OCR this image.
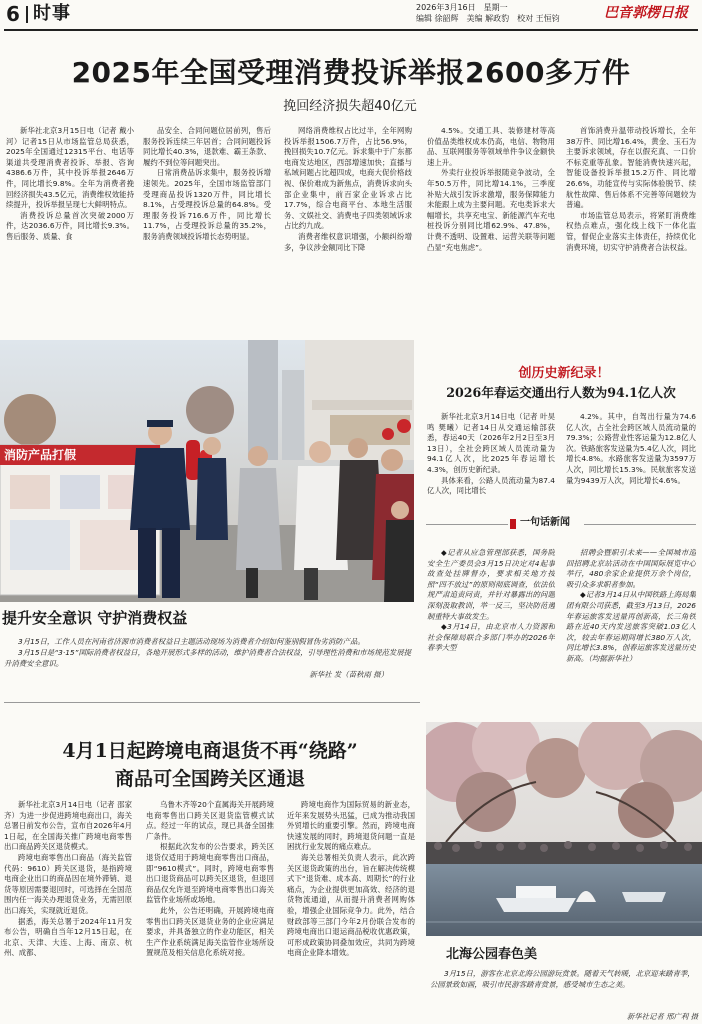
6 时事	2026年3月16日　星期一
编辑 徐韶辉　美编 解政豹　校对 王恒钧	巴音郭楞日报
2025年全国受理消费投诉举报2600多万件
挽回经济损失超40亿元

新华社北京3月15日电（记者 戴小河）记者15日从市场监管总局获悉，2025年全国通过12315平台、电话等渠道共受理消费者投诉、举报、咨询4386.6万件，其中投诉举报2646万件，同比增长9.8%。全年为消费者挽回经济损失43.5亿元，消费维权效能持续提升，投诉举报呈现七大鲜明特点。

消费投诉总量首次突破2000万件，达2036.6万件，同比增长9.3%。售后服务、质量、食

品安全、合同问题位居前列，售后服务投诉连续三年居首；合同问题投诉同比增长40.3%，退款难、霸王条款、履约不到位等问题突出。

日常消费品诉求集中，服务投诉增速领先。2025年，全国市场监管部门受理商品投诉1320万件，同比增长8.1%，占受理投诉总量的64.8%。受理服务投诉716.6万件，同比增长11.7%，占受理投诉总量的35.2%，服务消费领域投诉增长态势明显。

网络消费维权占比过半，全年网购投诉举报1506.7万件，占比56.9%，挽回损失10.7亿元。诉求集中于广东都电商发达地区，西部增速加快；直播与私域问题占比超四成，电商大促价格歧视、保价难成为新焦点，消费诉求向头部企业集中，前百家企业诉求占比17.7%，综合电商平台、本地生活服务、文娱社交、消费电子四类领域诉求占比约九成。

消费者维权意识增强，小额纠纷增多，争议涉金额同比下降

4.5%。交通工具、装修建材等高价值品类维权成本仍高，电信、物物用品、互联网服务等领域单件争议金额快速上升。

外卖行业投诉举报随竞争波动，全年50.5万件，同比增14.1%，三季度补贴大战引发诉求激增，服务保障能力未能跟上成为主要问题。充电类诉求大幅增长，共享充电宝、新能源汽车充电桩投诉分别同比增62.9%、47.8%，计费不透明、设置难、运营关联等问题凸显“充电焦虑”。

首饰消费升温带动投诉增长，全年38万件、同比增16.4%，黄金、玉石为主要诉求领域，存在以假充真、一口价不标克重等乱象。智能消费快速兴起，智能设备投诉举报15.2万件、同比增26.6%，功能宣传与实际体验脱节、续航性故障、售后体系不完善等问题较为普遍。

市场监管总局表示，将紧盯消费维权热点难点，强化线上线下一体化监管，督促企业落实主体责任，持续优化消费环境，切实守护消费者合法权益。

消防产品打假
提升安全意识 守护消费权益

3月15日，工作人员在河南省济源市消费者权益日主题活动现场为消费者介绍如何鉴别假冒伪劣消防产品。

3月15日是“3·15”国际消费者权益日，各地开展形式多样的活动，维护消费者合法权益，引导理性消费和市场规范发展提升消费安全意识。

新华社 发（苗秋雨 摄）

创历史新纪录！
2026年春运交通出行人数为94.1亿人次

新华社北京3月14日电（记者 叶昊鸣 樊曦）记者14日从交通运输部获悉，春运40天（2026年2月2日至3月13日），全社会跨区域人员流动量为94.1亿人次，比2025年春运增长4.3%，创历史新纪录。

具体来看，公路人员流动量为87.4亿人次，同比增长

4.2%。其中，自驾出行量为74.6亿人次，占全社会跨区域人员流动量的79.3%；公路营业性客运量为12.8亿人次。铁路旅客发送量为5.4亿人次，同比增长4.8%。水路旅客发送量为3597万人次，同比增长15.3%。民航旅客发送量为9439万人次，同比增长4.6%。

一句话新闻

◆记者从应急管理部获悉，国务院安全生产委员会3月15日决定对4起事故查处挂牌督办，要求相关地方按照“四不放过”的原则彻底调查，依法依规严肃追责问责，并针对暴露出的问题深刻汲取教训，举一反三，坚决防范遏制重特大事故发生。

◆3月14日，由北京市人力资源和社会保障局联合多部门举办的2026年春季大型

招聘会暨职引未来——全国城市巡回招聘北京站活动在中国国际展览中心举行，480余家企业提供万余个岗位，吸引众多求职者参加。

◆记者3月14日从中国铁路上海局集团有限公司获悉，截至3月13日，2026年春运旅客发送量再创新高，长三角铁路在近40天内发送旅客突破1.03亿人次，较去年春运期间增长380万人次，同比增长3.8%，创春运旅客发送量历史新高。（均据新华社）

4月1日起跨境电商退货不再“绕路”
商品可全国跨关区通退

新华社北京3月14日电（记者 邵家齐）为进一步促进跨境电商出口，海关总署日前发布公告，宣布自2026年4月1日起，在全国海关推广跨境电商零售出口商品跨关区退货模式。

跨境电商零售出口商品（海关监管代码：9610）跨关区退货，是指跨境电商企业出口的商品因在境外滞销、退货等原因需要退回时，可选择在全国范围内任一海关办理退货业务，无需回原出口海关，实现就近退货。

据悉，海关总署于2024年11月发布公告，明确自当年12月15日起，在北京、天津、大连、上海、南京、杭州、成都、

乌鲁木齐等20个直属海关开展跨境电商零售出口跨关区退货监管模式试点。经过一年的试点，现已具备全国推广条件。

根据此次发布的公告要求，跨关区退货仅适用于跨境电商零售出口商品，即“9610模式”。同时，跨境电商零售出口退货商品可以跨关区退货，但退回商品仅允许退至跨境电商零售出口海关监管作业场所或场地。

此外，公告还明确，开展跨境电商零售出口跨关区退货业务的企业应满足要求，并具备独立的作业功能区，相关生产作业系统满足海关监管作业场所设置规范及相关信息化系统对接。

跨境电商作为国际贸易的新业态，近年来发展势头迅猛，已成为推动我国外贸增长的重要引擎。然而，跨境电商快速发展的同时，跨境退货问题一直是困扰行业发展的痛点难点。

海关总署相关负责人表示，此次跨关区退货政策的出台，旨在解决传统模式下“退货难、成本高、周期长”的行业痛点，为企业提供更加高效、经济的退货物流通道，从而提升消费者网购体验，增强企业国际竞争力。此外，结合财政部等三部门今年2月份联合发布的跨境电商出口退运商品税收优惠政策，可形成政策协同叠加效应，共同为跨境电商企业降本增效。	北海公园春色美
3月15日，游客在北京北海公园游玩赏景。随着天气转暖，北京迎来踏青季，公园景致如画，吸引市民游客踏青赏景，感受城市生态之美。
新华社记者 邢广利 摄
